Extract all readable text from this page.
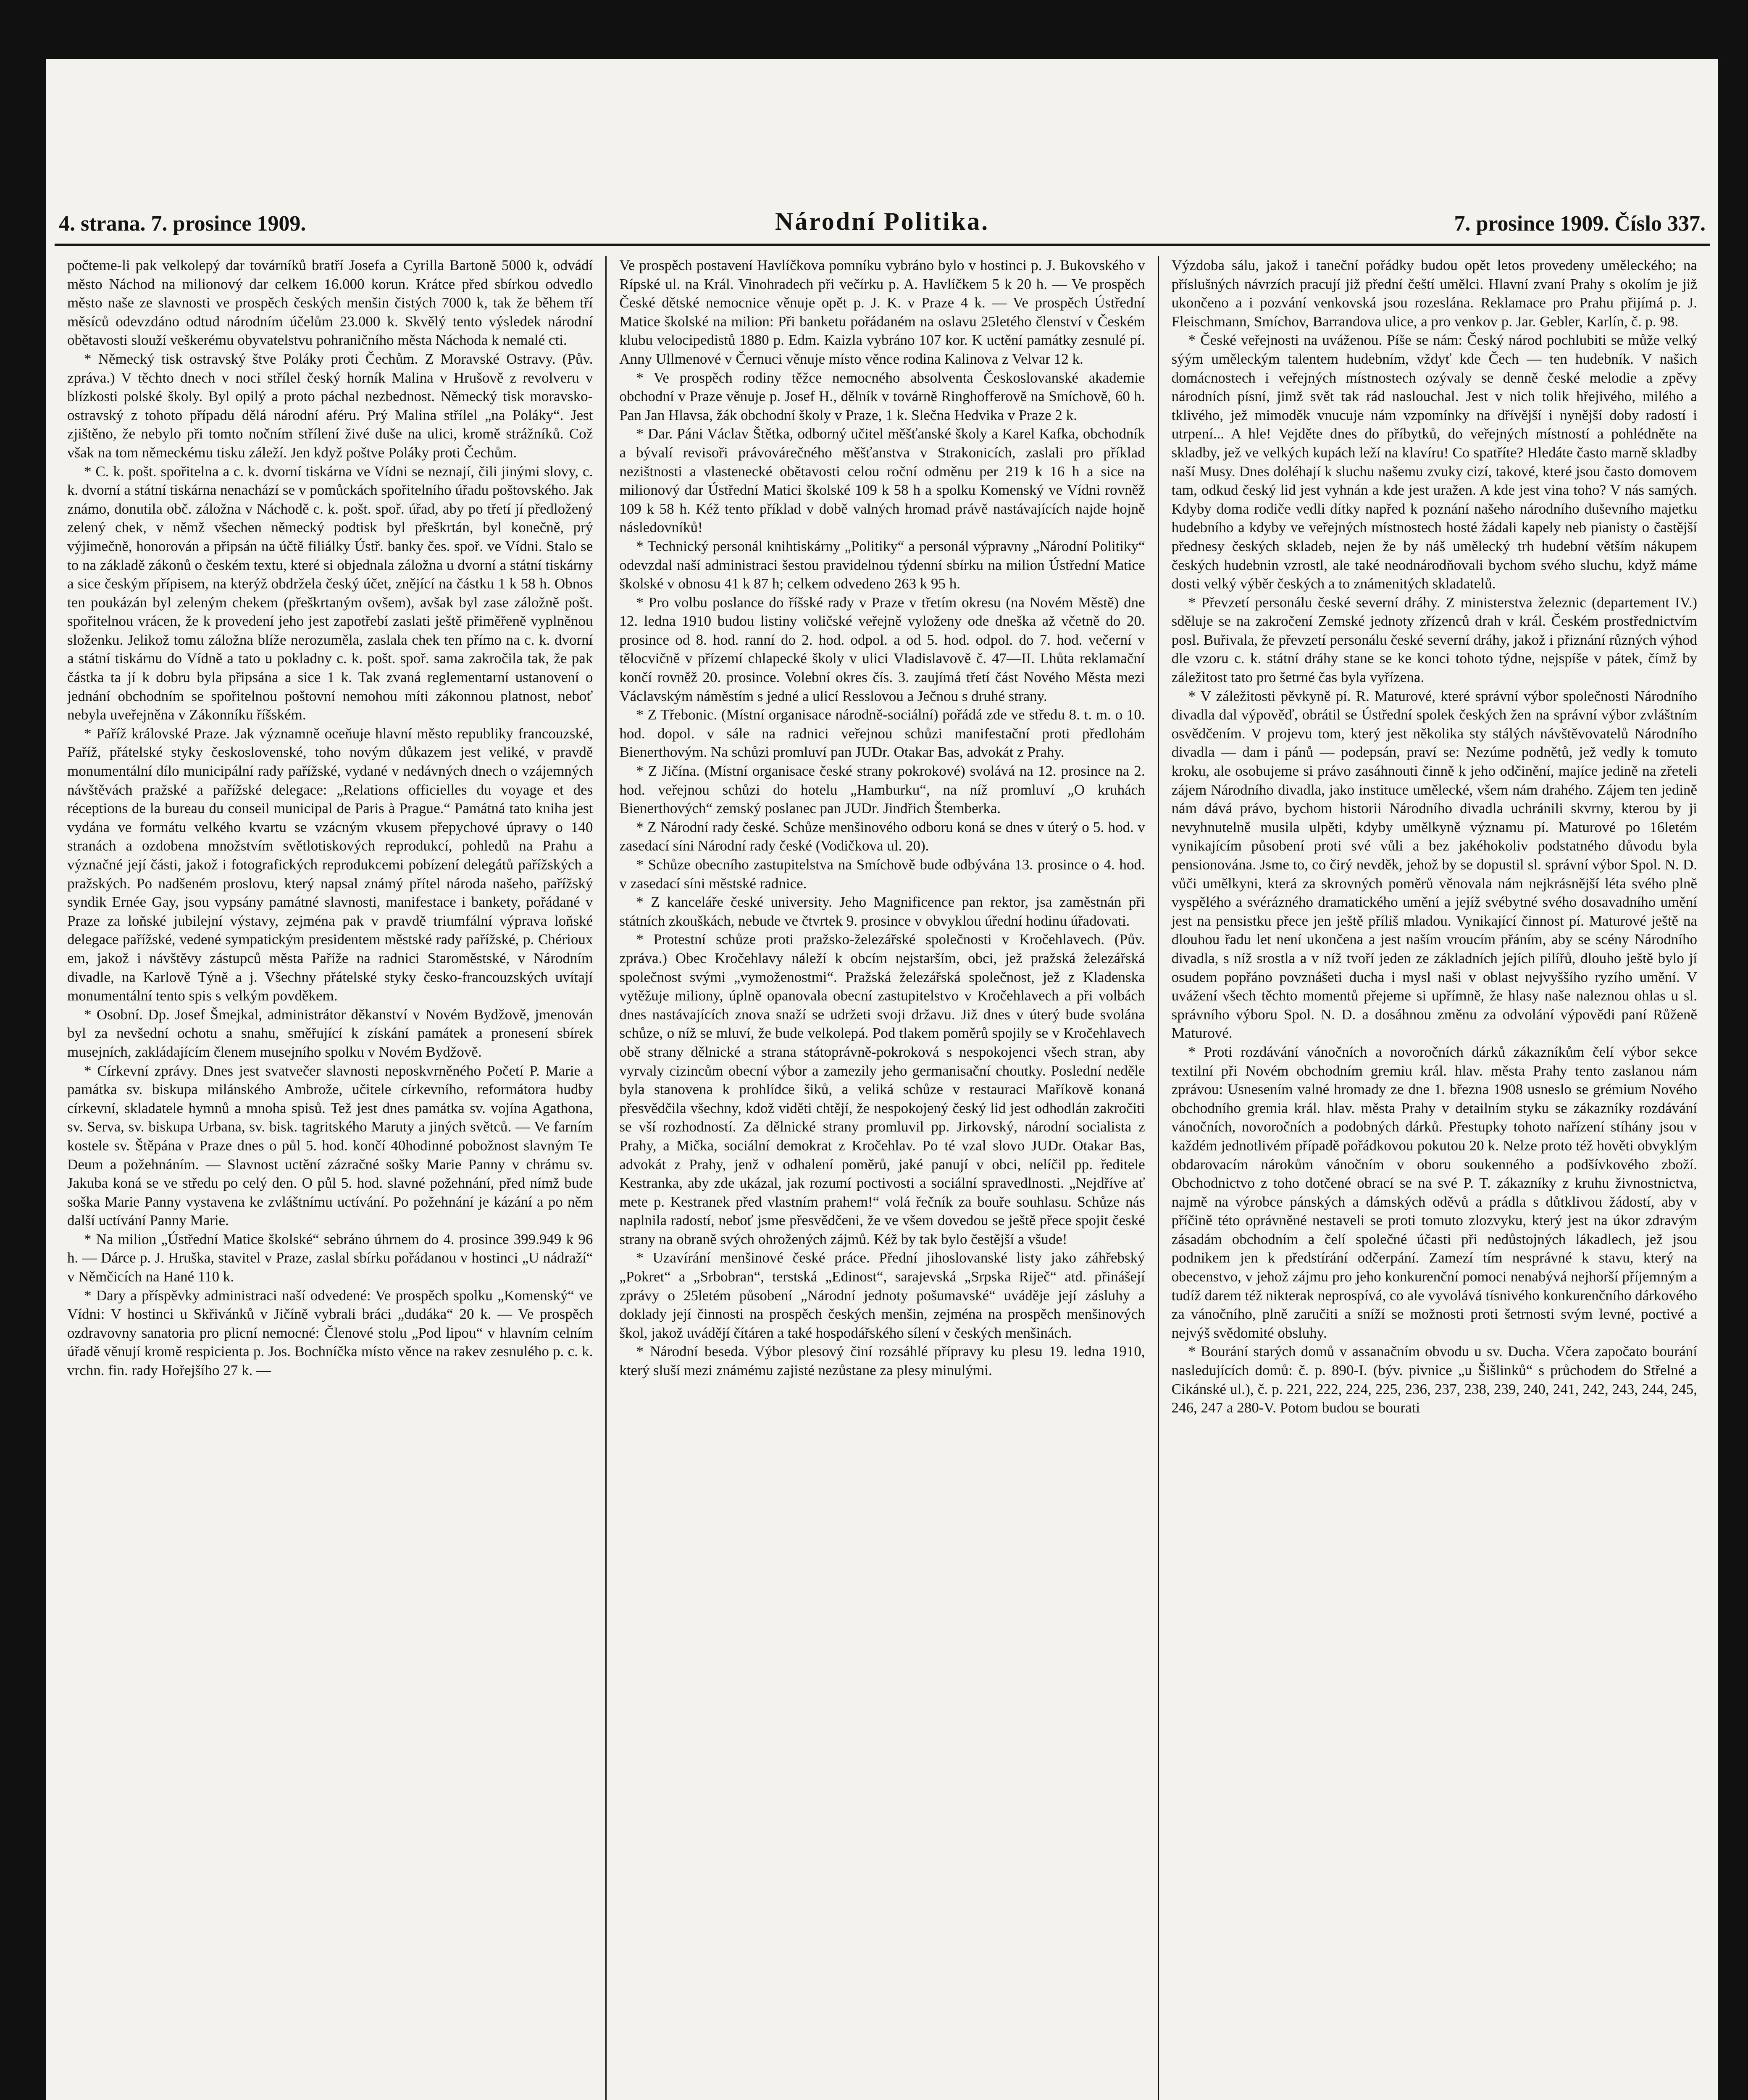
4. strana. 7. prosince 1909.	Národní Politika.	7. prosince 1909. Číslo 337.

počteme-li pak velkolepý dar továrníků bratří Josefa a Cyrilla Bartoně 5000 k, odvádí město Náchod na milionový dar celkem 16.000 korun. Krátce před sbírkou odvedlo město naše ze slavnosti ve prospěch českých menšin čistých 7000 k, tak že během tří měsíců odevzdáno odtud národním účelům 23.000 k. Skvělý tento výsledek národní obětavosti slouží veškerému obyvatelstvu pohraničního města Náchoda k nemalé cti.

* Německý tisk ostravský štve Poláky proti Čechům. Z Moravské Ostravy. (Pův. zpráva.) V těchto dnech v noci střílel český horník Malina v Hrušově z revolveru v blízkosti polské školy. Byl opilý a proto páchal nezbednost. Německý tisk moravsko-ostravský z tohoto případu dělá národní aféru. Prý Malina střílel „na Poláky“. Jest zjištěno, že nebylo při tomto nočním střílení živé duše na ulici, kromě strážníků. Což však na tom německému tisku záleží. Jen když poštve Poláky proti Čechům.

* C. k. pošt. spořitelna a c. k. dvorní tiskárna ve Vídni se neznají, čili jinými slovy, c. k. dvorní a státní tiskárna nenachází se v pomůckách spořitelního úřadu poštovského. Jak známo, donutila obč. záložna v Náchodě c. k. pošt. spoř. úřad, aby po třetí jí předložený zelený chek, v němž všechen německý podtisk byl přeškrtán, byl konečně, prý výjimečně, honorován a připsán na účtě filiálky Ústř. banky čes. spoř. ve Vídni. Stalo se to na základě zákonů o českém textu, které si objednala záložna u dvorní a státní tiskárny a sice českým přípisem, na kterýž obdržela český účet, znějící na částku 1 k 58 h. Obnos ten poukázán byl zeleným chekem (přeškrtaným ovšem), avšak byl zase záložně pošt. spořitelnou vrácen, že k provedení jeho jest zapotřebí zaslati ještě přiměřeně vyplněnou složenku. Jelikož tomu záložna blíže nerozuměla, zaslala chek ten přímo na c. k. dvorní a státní tiskárnu do Vídně a tato u pokladny c. k. pošt. spoř. sama zakročila tak, že pak částka ta jí k dobru byla připsána a sice 1 k. Tak zvaná reglementarní ustanovení o jednání obchodním se spořitelnou poštovní nemohou míti zákonnou platnost, neboť nebyla uveřejněna v Zákonníku říšském.

* Paříž královské Praze. Jak významně oceňuje hlavní město republiky francouzské, Paříž, přátelské styky československé, toho novým důkazem jest veliké, v pravdě monumentální dílo municipální rady pařížské, vydané v nedávných dnech o vzájemných návštěvách pražské a pařížské delegace: „Relations officielles du voyage et des réceptions de la bureau du conseil municipal de Paris à Prague.“ Památná tato kniha jest vydána ve formátu velkého kvartu se vzácným vkusem přepychové úpravy o 140 stranách a ozdobena množstvím světlotiskových reprodukcí, pohledů na Prahu a význačné její části, jakož i fotografických reprodukcemi pobízení delegátů pařížských a pražských. Po nadšeném proslovu, který napsal známý přítel národa našeho, pařížský syndik Ernée Gay, jsou vypsány památné slavnosti, manifestace i bankety, pořádané v Praze za loňské jubilejní výstavy, zejména pak v pravdě triumfální výprava loňské delegace pařížské, vedené sympatickým presidentem městské rady pařížské, p. Chérioux em, jakož i návštěvy zástupců města Paříže na radnici Staroměstské, v Národním divadle, na Karlově Týně a j. Všechny přátelské styky česko-francouzských uvítají monumentální tento spis s velkým povděkem.

* Osobní. Dp. Josef Šmejkal, administrátor děkanství v Novém Bydžově, jmenován byl za nevšední ochotu a snahu, směřující k získání památek a pronesení sbírek musejních, zakládajícím členem musejního spolku v Novém Bydžově.

* Církevní zprávy. Dnes jest svatvečer slavnosti neposkvrněného Početí P. Marie a památka sv. biskupa milánského Ambrože, učitele církevního, reformátora hudby církevní, skladatele hymnů a mnoha spisů. Tež jest dnes památka sv. vojína Agathona, sv. Serva, sv. biskupa Urbana, sv. bisk. tagritského Maruty a jiných světců. — Ve farním kostele sv. Štěpána v Praze dnes o půl 5. hod. končí 40hodinné pobožnost slavným Te Deum a požehnáním. — Slavnost uctění zázračné sošky Marie Panny v chrámu sv. Jakuba koná se ve středu po celý den. O půl 5. hod. slavné požehnání, před nímž bude soška Marie Panny vystavena ke zvláštnímu uctívání. Po požehnání je kázání a po něm další uctívání Panny Marie.

* Na milion „Ústřední Matice školské“ sebráno úhrnem do 4. prosince 399.949 k 96 h. — Dárce p. J. Hruška, stavitel v Praze, zaslal sbírku pořádanou v hostinci „U nádraží“ v Němčicích na Hané 110 k.

* Dary a příspěvky administraci naší odvedené: Ve prospěch spolku „Komenský“ ve Vídni: V hostinci u Skřivánků v Jičíně vybrali bráci „dudáka“ 20 k. — Ve prospěch ozdravovny sanatoria pro plicní nemocné: Členové stolu „Pod lipou“ v hlavním celním úřadě věnují kromě respicienta p. Jos. Bochníčka místo věnce na rakev zesnulého p. c. k. vrchn. fin. rady Hořejšího 27 k. —

Ve prospěch postavení Havlíčkova pomníku vybráno bylo v hostinci p. J. Bukovského v Rípské ul. na Král. Vinohradech při večírku p. A. Havlíčkem 5 k 20 h. — Ve prospěch České dětské nemocnice věnuje opět p. J. K. v Praze 4 k. — Ve prospěch Ústřední Matice školské na milion: Při banketu pořádaném na oslavu 25letého členství v Českém klubu velocipedistů 1880 p. Edm. Kaizla vybráno 107 kor. K uctění památky zesnulé pí. Anny Ullmenové v Černuci věnuje místo věnce rodina Kalinova z Velvar 12 k.

* Ve prospěch rodiny těžce nemocného absolventa Českoslovanské akademie obchodní v Praze věnuje p. Josef H., dělník v továrně Ringhofferově na Smíchově, 60 h. Pan Jan Hlavsa, žák obchodní školy v Praze, 1 k. Slečna Hedvika v Praze 2 k.

* Dar. Páni Václav Štětka, odborný učitel měšťanské školy a Karel Kafka, obchodník a bývalí revisoři právovárečného měšťanstva v Strakonicích, zaslali pro příklad nezištnosti a vlastenecké obětavosti celou roční odměnu per 219 k 16 h a sice na milionový dar Ústřední Matici školské 109 k 58 h a spolku Komenský ve Vídni rovněž 109 k 58 h. Kéž tento příklad v době valných hromad právě nastávajících najde hojně následovníků!

* Technický personál knihtiskárny „Politiky“ a personál výpravny „Národní Politiky“ odevzdal naší administraci šestou pravidelnou týdenní sbírku na milion Ústřední Matice školské v obnosu 41 k 87 h; celkem odvedeno 263 k 95 h.

* Pro volbu poslance do říšské rady v Praze v třetím okresu (na Novém Městě) dne 12. ledna 1910 budou listiny voličské veřejně vyloženy ode dneška až včetně do 20. prosince od 8. hod. ranní do 2. hod. odpol. a od 5. hod. odpol. do 7. hod. večerní v tělocvičně v přízemí chlapecké školy v ulici Vladislavově č. 47—II. Lhůta reklamační končí rovněž 20. prosince. Volební okres čís. 3. zaujímá třetí část Nového Města mezi Václavským náměstím s jedné a ulicí Resslovou a Ječnou s druhé strany.

* Z Třebonic. (Místní organisace národně-sociální) pořádá zde ve středu 8. t. m. o 10. hod. dopol. v sále na radnici veřejnou schůzi manifestační proti předlohám Bienerthovým. Na schůzi promluví pan JUDr. Otakar Bas, advokát z Prahy.

* Z Jičína. (Místní organisace české strany pokrokové) svolává na 12. prosince na 2. hod. veřejnou schůzi do hotelu „Hamburku“, na níž promluví „O kruhách Bienerthových“ zemský poslanec pan JUDr. Jindřich Štemberka.

* Z Národní rady české. Schůze menšinového odboru koná se dnes v úterý o 5. hod. v zasedací síni Národní rady české (Vodičkova ul. 20).

* Schůze obecního zastupitelstva na Smíchově bude odbývána 13. prosince o 4. hod. v zasedací síni městské radnice.

* Z kanceláře české university. Jeho Magnificence pan rektor, jsa zaměstnán při státních zkouškách, nebude ve čtvrtek 9. prosince v obvyklou úřední hodinu úřadovati.

* Protestní schůze proti pražsko-železářské společnosti v Kročehlavech. (Pův. zpráva.) Obec Kročehlavy náleží k obcím nejstarším, obci, jež pražská železářská společnost svými „vymoženostmi“. Pražská železářská společnost, jež z Kladenska vytěžuje miliony, úplně opanovala obecní zastupitelstvo v Kročehlavech a při volbách dnes nastávajících znova snaží se udržeti svoji državu. Již dnes v úterý bude svolána schůze, o níž se mluví, že bude velkolepá. Pod tlakem poměrů spojily se v Kročehlavech obě strany dělnické a strana státoprávně-pokroková s nespokojenci všech stran, aby vyrvaly cizincům obecní výbor a zamezily jeho germanisační choutky. Poslední neděle byla stanovena k prohlídce šiků, a veliká schůze v restauraci Maříkově konaná přesvědčila všechny, kdož viděti chtějí, že nespokojený český lid jest odhodlán zakročiti se vší rozhodností. Za dělnické strany promluvil pp. Jirkovský, národní socialista z Prahy, a Mička, sociální demokrat z Kročehlav. Po té vzal slovo JUDr. Otakar Bas, advokát z Prahy, jenž v odhalení poměrů, jaké panují v obci, nelíčil pp. ředitele Kestranka, aby zde ukázal, jak rozumí poctivosti a sociální spravedlnosti. „Nejdříve ať mete p. Kestranek před vlastním prahem!“ volá řečník za bouře souhlasu. Schůze nás naplnila radostí, neboť jsme přesvědčeni, že ve všem dovedou se ještě přece spojit české strany na obraně svých ohrožených zájmů. Kéž by tak bylo čestější a všude!

* Uzavírání menšinové české práce. Přední jihoslovanské listy jako záhřebský „Pokret“ a „Srbobran“, terstská „Edinost“, sarajevská „Srpska Riječ“ atd. přinášejí zprávy o 25letém působení „Národní jednoty pošumavské“ uváděje její zásluhy a doklady její činnosti na prospěch českých menšin, zejména na prospěch menšinových škol, jakož uvádějí čítáren a také hospodářského sílení v českých menšinách.

* Národní beseda. Výbor plesový činí rozsáhlé přípravy ku plesu 19. ledna 1910, který sluší mezi známému zajisté nezůstane za plesy minulými.

Výzdoba sálu, jakož i taneční pořádky budou opět letos provedeny uměleckého; na příslušných návrzích pracují již přední čeští umělci. Hlavní zvaní Prahy s okolím je již ukončeno a i pozvání venkovská jsou rozeslána. Reklamace pro Prahu přijímá p. J. Fleischmann, Smíchov, Barrandova ulice, a pro venkov p. Jar. Gebler, Karlín, č. p. 98.

* České veřejnosti na uváženou. Píše se nám: Český národ pochlubiti se může velký sýým uměleckým talentem hudebním, vždyť kde Čech — ten hudebník. V našich domácnostech i veřejných místnostech ozývaly se denně české melodie a zpěvy národních písní, jimž svět tak rád naslouchal. Jest v nich tolik hřejivého, milého a tklivého, jež mimoděk vnucuje nám vzpomínky na dřívější i nynější doby radostí i utrpení... A hle! Vejděte dnes do příbytků, do veřejných místností a pohlédněte na skladby, jež ve velkých kupách leží na klavíru! Co spatříte? Hledáte často marně skladby naší Musy. Dnes doléhají k sluchu našemu zvuky cizí, takové, které jsou často domovem tam, odkud český lid jest vyhnán a kde jest uražen. A kde jest vina toho? V nás samých. Kdyby doma rodiče vedli dítky napřed k poznání našeho národního duševního majetku hudebního a kdyby ve veřejných místnostech hosté žádali kapely neb pianisty o častější přednesy českých skladeb, nejen že by náš umělecký trh hudební větším nákupem českých hudebnin vzrostl, ale také neodnárodňovali bychom svého sluchu, když máme dosti velký výběr českých a to známenitých skladatelů.

* Převzetí personálu české severní dráhy. Z ministerstva železnic (departement IV.) sděluje se na zakročení Zemské jednoty zřízenců drah v král. Českém prostřednictvím posl. Buřivala, že převzetí personálu české severní dráhy, jakož i přiznání různých výhod dle vzoru c. k. státní dráhy stane se ke konci tohoto týdne, nejspíše v pátek, čímž by záležitost tato pro šetrné čas byla vyřízena.

* V záležitosti pěvkyně pí. R. Maturové, které správní výbor společnosti Národního divadla dal výpověď, obrátil se Ústřední spolek českých žen na správní výbor zvláštním osvědčením. V projevu tom, který jest několika sty stálých návštěvovatelů Národního divadla — dam i pánů — podepsán, praví se: Nezúme podnětů, jež vedly k tomuto kroku, ale osobujeme si právo zasáhnouti činně k jeho odčinění, majíce jedině na zřeteli zájem Národního divadla, jako instituce umělecké, všem nám drahého. Zájem ten jedině nám dává právo, bychom historii Národního divadla uchránili skvrny, kterou by ji nevyhnutelně musila ulpěti, kdyby umělkyně významu pí. Maturové po 16letém vynikajícím působení proti své vůli a bez jakéhokoliv podstatného důvodu byla pensionována. Jsme to, co čirý nevděk, jehož by se dopustil sl. správní výbor Spol. N. D. vůči umělkyni, která za skrovných poměrů věnovala nám nejkrásnější léta svého plně vyspělého a svérázného dramatického umění a jejíž svébytné svého dosavadního umění jest na pensistku přece jen ještě příliš mladou. Vynikající činnost pí. Maturové ještě na dlouhou řadu let není ukončena a jest naším vroucím přáním, aby se scény Národního divadla, s níž srostla a v níž tvoří jeden ze základních jejích pilířů, dlouho ještě bylo jí osudem popřáno povznášeti ducha i mysl naši v oblast nejvyššího ryzího umění. V uvážení všech těchto momentů přejeme si upřímně, že hlasy naše naleznou ohlas u sl. správního výboru Spol. N. D. a dosáhnou změnu za odvolání výpovědi paní Růženě Maturové.

* Proti rozdávání vánočních a novoročních dárků zákazníkům čelí výbor sekce textilní při Novém obchodním gremiu král. hlav. města Prahy tento zaslanou nám zprávou: Usnesením valné hromady ze dne 1. března 1908 usneslo se grémium Nového obchodního gremia král. hlav. města Prahy v detailním styku se zákazníky rozdávání vánočních, novoročních a podobných dárků. Přestupky tohoto nařízení stíhány jsou v každém jednotlivém případě pořádkovou pokutou 20 k. Nelze proto též hověti obvyklým obdarovacím nárokům vánočním v oboru soukenného a podšívkového zboží. Obchodnictvo z toho dotčené obrací se na své P. T. zákazníky z kruhu živnostnictva, najmě na výrobce pánských a dámských oděvů a prádla s důtklivou žádostí, aby v příčině této oprávněné nestaveli se proti tomuto zlozvyku, který jest na úkor zdravým zásadám obchodním a čelí společné účasti při nedůstojných lákadlech, jež jsou podnikem jen k předstírání odčerpání. Zamezí tím nesprávné k stavu, který na obecenstvo, v jehož zájmu pro jeho konkurenční pomoci nenabývá nejhorší příjemným a tudíž darem též nikterak neprospívá, co ale vyvolává tísnivého konkurenčního dárkového za vánočního, plně zaručiti a sníží se možnosti proti šetrnosti svým levné, poctivé a nejvýš svědomité obsluhy.

* Bourání starých domů v assanačním obvodu u sv. Ducha. Včera započato bourání nasledujících domů: č. p. 890-I. (býv. pivnice „u Šišlinků“ s průchodem do Střelné a Cikánské ul.), č. p. 221, 222, 224, 225, 236, 237, 238, 239, 240, 241, 242, 243, 244, 245, 246, 247 a 280-V. Potom budou se bourati
